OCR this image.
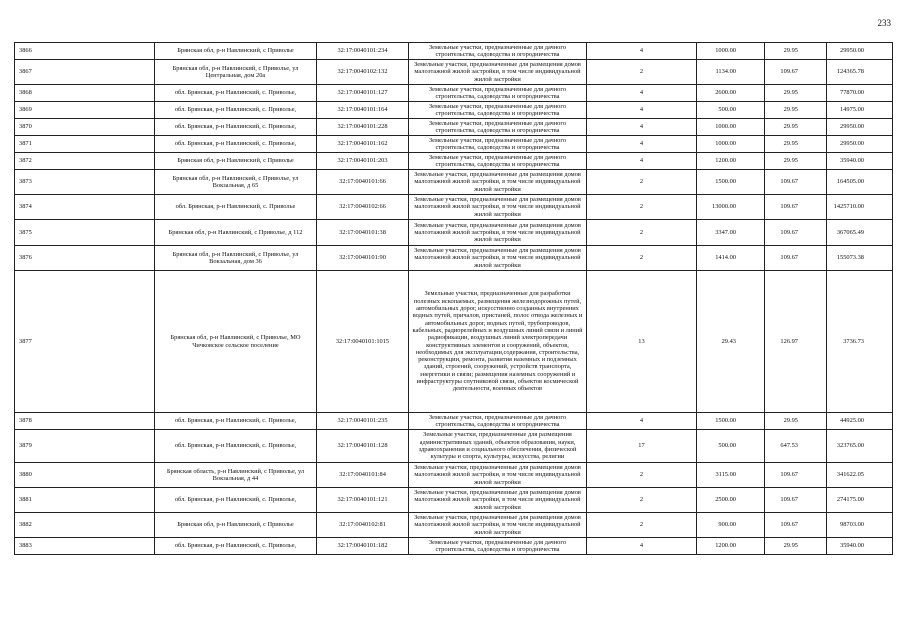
233
3866	Брянская обл, р-н Навлинский, с Приволье	32:17:0040101:234	Земельные участки, предназначенные для дачного строительства, садоводства и огородничества	4	1000.00	29.95	29950.00
3867	Брянская обл, р-н Навлинский, с Приволье, ул Центральная, дом 20а	32:17:0040102:132	Земельные участки, предназначенные для размещения домов малоэтажной жилой застройки, в том числе индивидуальной жилой застройки	2	1134.00	109.67	124365.78
3868	обл. Брянская, р-н Навлинский, с. Приволье,	32:17:0040101:127	Земельные участки, предназначенные для дачного строительства, садоводства и огородничества	4	2600.00	29.95	77870.00
3869	обл. Брянская, р-н Навлинский, с. Приволье,	32:17:0040101:164	Земельные участки, предназначенные для дачного строительства, садоводства и огородничества	4	500.00	29.95	14975.00
3870	обл. Брянская, р-н Навлинский, с. Приволье,	32:17:0040101:228	Земельные участки, предназначенные для дачного строительства, садоводства и огородничества	4	1000.00	29.95	29950.00
3871	обл. Брянская, р-н Навлинский, с. Приволье,	32:17:0040101:162	Земельные участки, предназначенные для дачного строительства, садоводства и огородничества	4	1000.00	29.95	29950.00
3872	Брянская обл, р-н Навлинский, с Приволье	32:17:0040101:203	Земельные участки, предназначенные для дачного строительства, садоводства и огородничества	4	1200.00	29.95	35940.00
3873	Брянская обл, р-н Навлинский, с Приволье, ул Вокзальная, д 65	32:17:0040101:66	Земельные участки, предназначенные для размещения домов малоэтажной жилой застройки, в том числе индивидуальной жилой застройки	2	1500.00	109.67	164505.00
3874	обл. Брянская, р-н Навлинский, с. Приволье	32:17:0040102:66	Земельные участки, предназначенные для размещения домов малоэтажной жилой застройки, в том числе индивидуальной жилой застройки	2	13000.00	109.67	1425710.00
3875	Брянская обл, р-н Навлинский, с Приволье, д 112	32:17:0040101:38	Земельные участки, предназначенные для размещения домов малоэтажной жилой застройки, в том числе индивидуальной жилой застройки	2	3347.00	109.67	367065.49
3876	Брянская обл, р-н Навлинский, с Приволье, ул Вокзальная, дом 36	32:17:0040101:90	Земельные участки, предназначенные для размещения домов малоэтажной жилой застройки, в том числе индивидуальной жилой застройки	2	1414.00	109.67	155073.38
3877	Брянская обл, р-н Навлинский, с Приволье, МО Чичковское сельское поселение	32:17:0040101:1015	Земельные участки, предназначенные для разработки полезных ископаемых, размещения железнодорожных путей, автомобильных дорог, искусственно созданных внутренних водных путей, причалов, пристаней, полос отвода железных и автомобильных дорог, водных путей, трубопроводов, кабельных, радиорелейных и воздушных линий связи и линий радиофикации, воздушных линий электропередачи конструктивных элементов и сооружений, объектов, необходимых для эксплуатации,содержания, строительства, реконструкции, ремонта, развития наземных и подземных зданий, строений, сооружений, устройств транспорта, энергетики и связи; размещения наземных сооружений и инфраструктуры спутниковой связи, объектов космической деятельности, военных объектов	13	29.43	126.97	3736.73
3878	обл. Брянская, р-н Навлинский, с. Приволье,	32:17:0040101:235	Земельные участки, предназначенные для дачного строительства, садоводства и огородничества	4	1500.00	29.95	44925.00
3879	обл. Брянская, р-н Навлинский, с. Приволье,	32:17:0040101:128	Земельные участки, предназначенные для размещения административных зданий, объектов образования, науки, здравоохранения и социального обеспечения, физической культуры и спорта, культуры, искусства, религии	17	500.00	647.53	323765.00
3880	Брянская область, р-н Навлинский, с Приволье, ул Вокзальная, д 44	32:17:0040101:84	Земельные участки, предназначенные для размещения домов малоэтажной жилой застройки, в том числе индивидуальной жилой застройки	2	3115.00	109.67	341622.05
3881	обл. Брянская, р-н Навлинский, с. Приволье,	32:17:0040101:121	Земельные участки, предназначенные для размещения домов малоэтажной жилой застройки, в том числе индивидуальной жилой застройки	2	2500.00	109.67	274175.00
3882	Брянская обл, р-н Навлинский, с Приволье	32:17:0040102:81	Земельные участки, предназначенные для размещения домов малоэтажной жилой застройки, в том числе индивидуальной жилой застройки	2	900.00	109.67	98703.00
3883	обл. Брянская, р-н Навлинский, с. Приволье,	32:17:0040101:182	Земельные участки, предназначенные для дачного строительства, садоводства и огородничества	4	1200.00	29.95	35940.00
